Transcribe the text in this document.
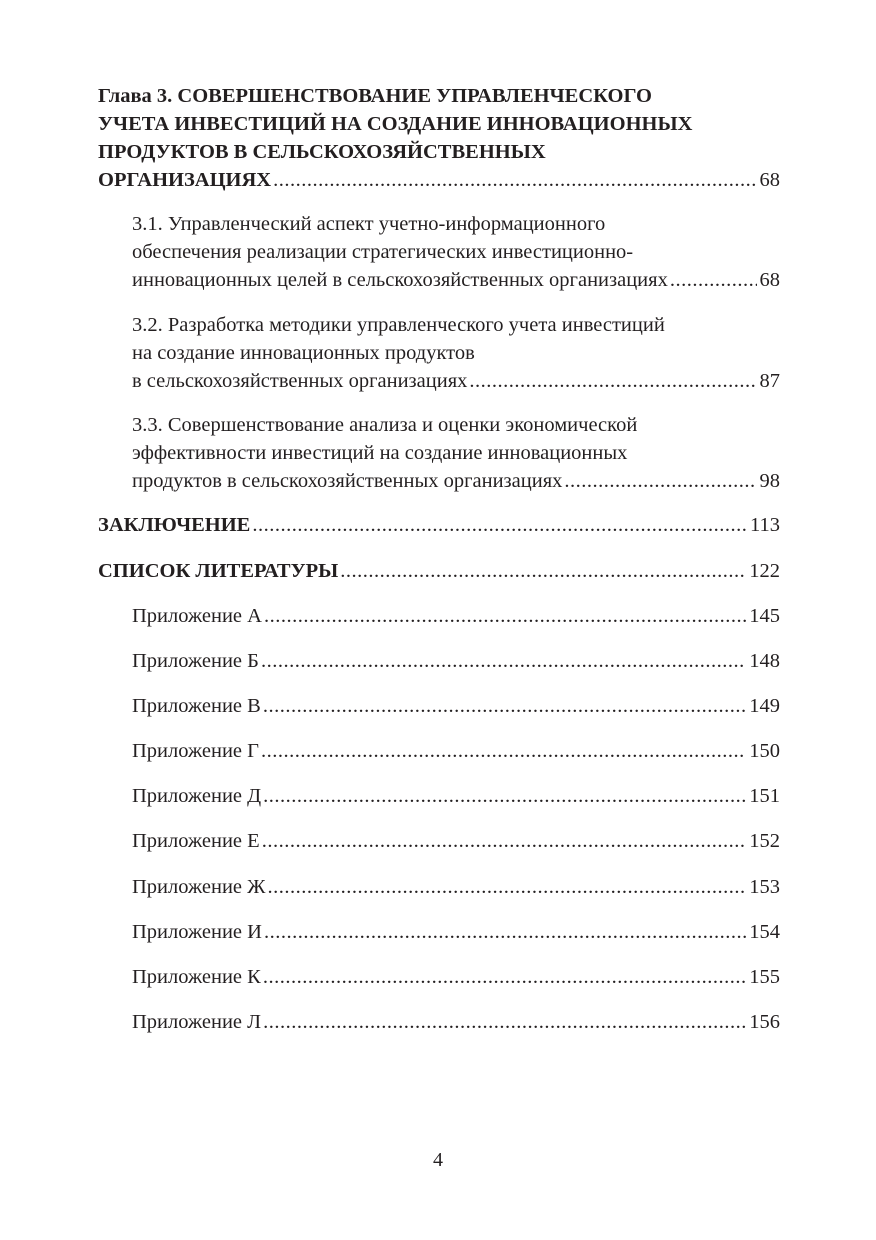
Глава 3. СОВЕРШЕНСТВОВАНИЕ УПРАВЛЕНЧЕСКОГО
УЧЕТА ИНВЕСТИЦИЙ НА СОЗДАНИЕ ИННОВАЦИОННЫХ
ПРОДУКТОВ В СЕЛЬСКОХОЗЯЙСТВЕННЫХ
ОРГАНИЗАЦИЯХ .....	68
3.1. Управленческий аспект учетно-информационного
обеспечения реализации стратегических инвестиционно-
инновационных целей в сельскохозяйственных организациях .....	68
3.2. Разработка методики управленческого учета инвестиций
на создание инновационных продуктов
в сельскохозяйственных организациях .....	87
3.3. Совершенствование анализа и оценки экономической
эффективности инвестиций на создание инновационных
продуктов в сельскохозяйственных организациях .....	98
ЗАКЛЮЧЕНИЕ .....	113
СПИСОК ЛИТЕРАТУРЫ .....	122
Приложение А .....	145
Приложение Б .....	148
Приложение В .....	149
Приложение Г .....	150
Приложение Д .....	151
Приложение Е .....	152
Приложение Ж .....	153
Приложение И .....	154
Приложение К .....	155
Приложение Л .....	156
4
